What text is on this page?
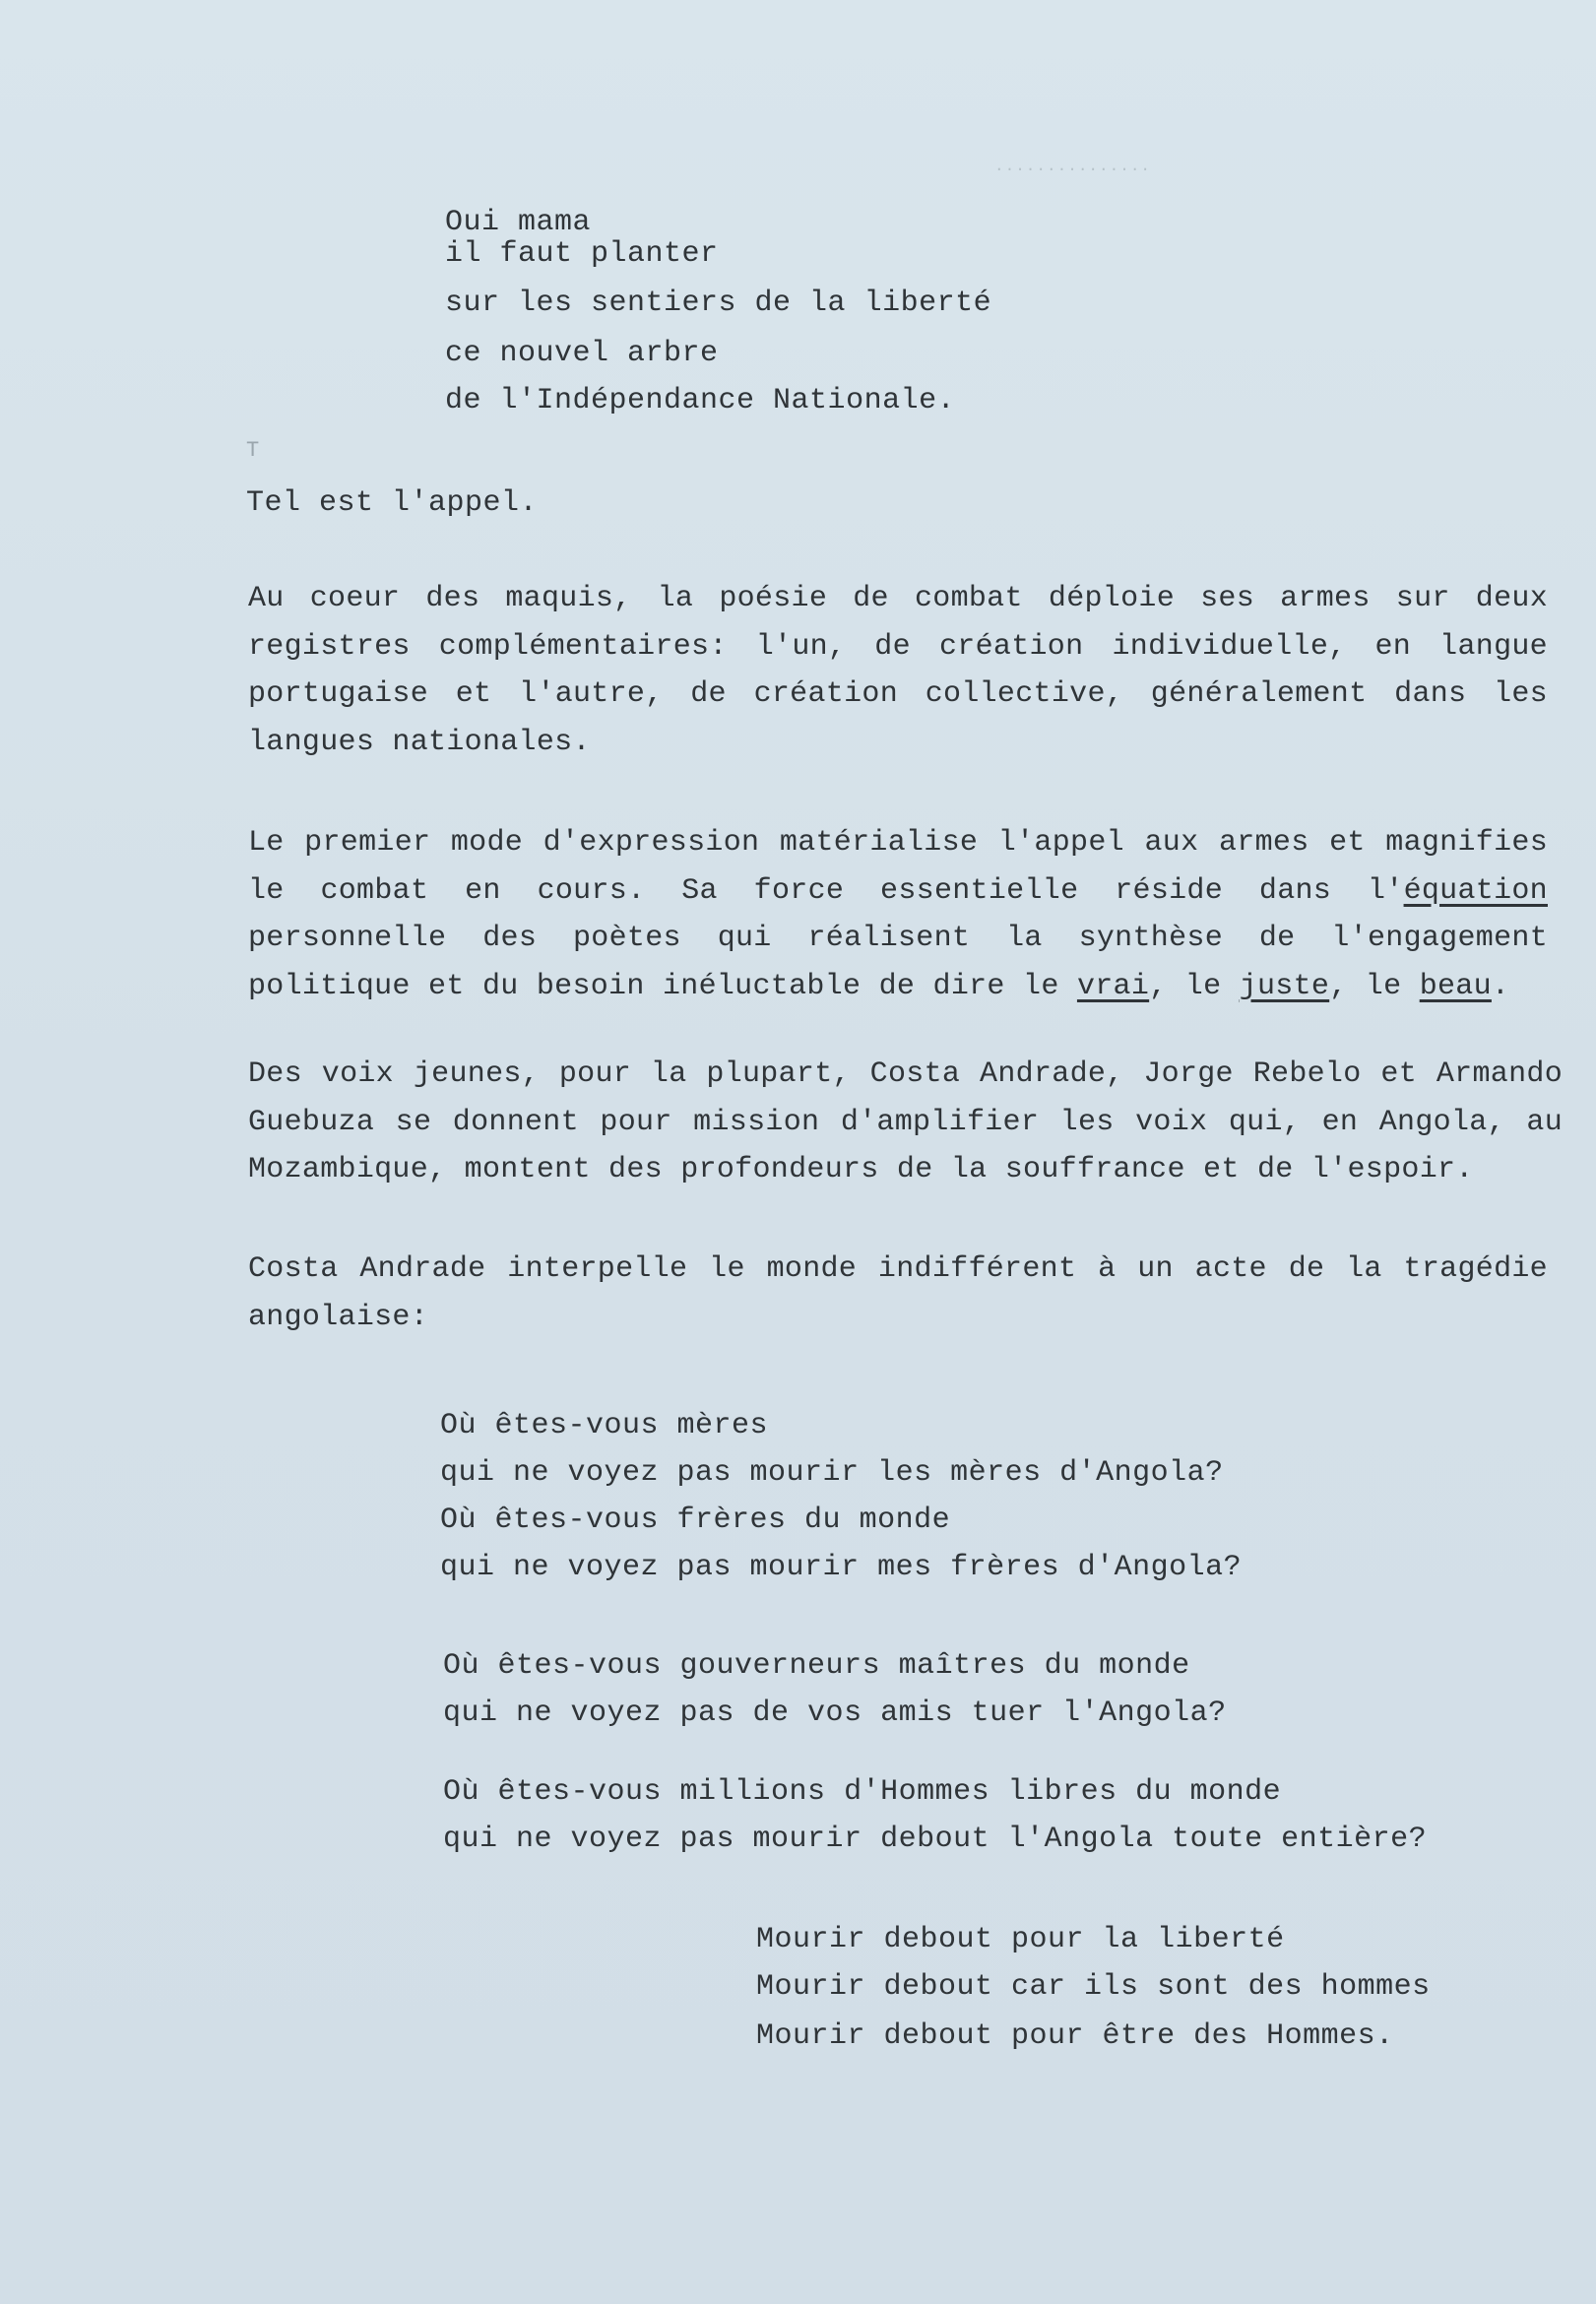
...............
Oui mama
il faut planter
sur les sentiers de la liberté
ce nouvel arbre
de l'Indépendance Nationale.
T
Tel est l'appel.
Au coeur des maquis, la poésie de combat déploie ses armes sur deux registres complémentaires: l'un, de création individuelle, en langue portugaise et l'autre, de création collective, généralement dans les langues nationales.
Le premier mode d'expression matérialise l'appel aux armes et magnifies le combat en cours. Sa force essentielle réside dans l'équation personnelle des poètes qui réalisent la synthèse de l'engagement politique et du besoin inéluctable de dire le vrai, le juste, le beau.
Des voix jeunes, pour la plupart, Costa Andrade, Jorge Rebelo et Armando Guebuza se donnent pour mission d'amplifier les voix qui, en Angola, au Mozambique, montent des profondeurs de la souffrance et de l'espoir.
Costa Andrade interpelle le monde indifférent à un acte de la tragédie angolaise:
Où êtes-vous mères
qui ne voyez pas mourir les mères d'Angola?
Où êtes-vous frères du monde
qui ne voyez pas mourir mes frères d'Angola?
Où êtes-vous gouverneurs maîtres du monde
qui ne voyez pas de vos amis tuer l'Angola?
Où êtes-vous millions d'Hommes libres du monde
qui ne voyez pas mourir debout l'Angola toute entière?
Mourir debout pour la liberté
Mourir debout car ils sont des hommes
Mourir debout pour être des Hommes.
